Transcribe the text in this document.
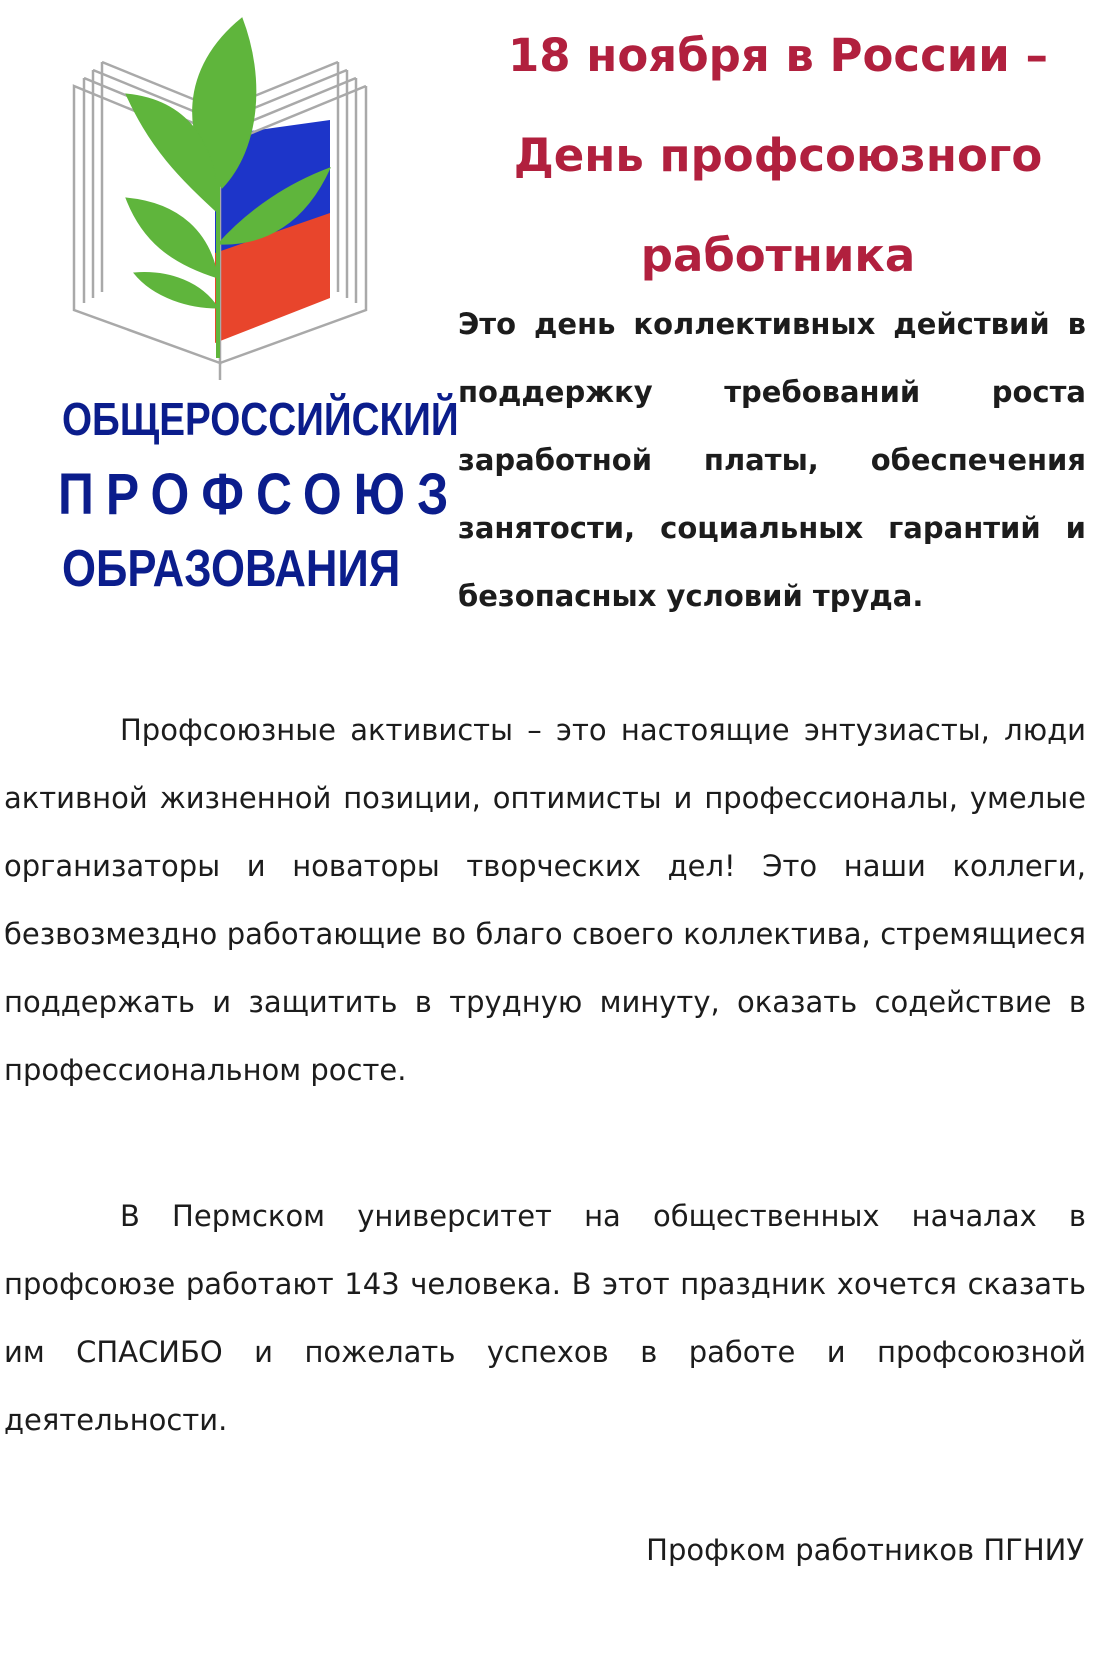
ОБЩЕРОССИЙСКИЙ
ПРОФСОЮЗ
ОБРАЗОВАНИЯ
18 ноября в России –
День профсоюзного
работника

Это день коллективных действий в поддержку требований роста заработной платы, обеспечения занятости, социальных гарантий и безопасных условий труда.

Профсоюзные активисты – это настоящие энтузиасты, люди активной жизненной позиции, оптимисты и профессионалы, умелые организаторы и новаторы творческих дел! Это наши коллеги, безвозмездно работающие во благо своего коллектива, стремящиеся поддержать и защитить в трудную минуту, оказать содействие в профессиональном росте.

В Пермском университет на общественных началах в профсоюзе работают 143 человека. В этот праздник хочется сказать им СПАСИБО и пожелать успехов в работе и профсоюзной деятельности.

Профком работников ПГНИУ
